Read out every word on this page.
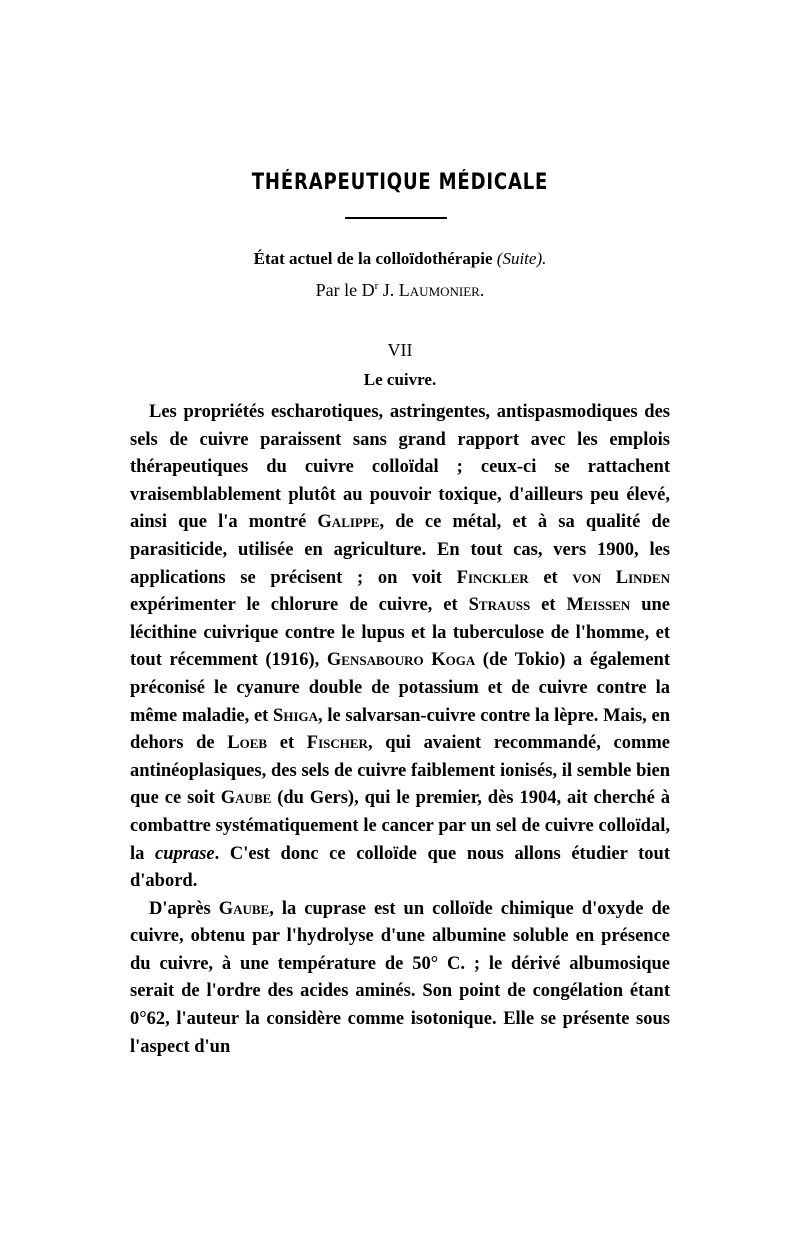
THÉRAPEUTIQUE MÉDICALE
État actuel de la colloïdothérapie (Suite).
Par le $D^r$ J. Laumonier.
VII
Le cuivre.

Les propriétés escharotiques, astringentes, antispasmodiques des sels de cuivre paraissent sans grand rapport avec les emplois thérapeutiques du cuivre colloïdal ; ceux-ci se rattachent vraisemblablement plutôt au pouvoir toxique, d'ailleurs peu élevé, ainsi que l'a montré Galippe, de ce métal, et à sa qualité de parasiticide, utilisée en agriculture. En tout cas, vers 1900, les applications se précisent ; on voit Finckler et von Linden expérimenter le chlorure de cuivre, et Strauss et Meissen une lécithine cuivrique contre le lupus et la tuberculose de l'homme, et tout récemment (1916), Gensabouro Koga (de Tokio) a également préconisé le cyanure double de potassium et de cuivre contre la même maladie, et Shiga, le salvarsan-cuivre contre la lèpre. Mais, en dehors de Loeb et Fischer, qui avaient recommandé, comme antinéoplasiques, des sels de cuivre faiblement ionisés, il semble bien que ce soit Gaube (du Gers), qui le premier, dès 1904, ait cherché à combattre systématiquement le cancer par un sel de cuivre colloïdal, la cuprase. C'est donc ce colloïde que nous allons étudier tout d'abord.

D'après Gaube, la cuprase est un colloïde chimique d'oxyde de cuivre, obtenu par l'hydrolyse d'une albumine soluble en présence du cuivre, à une température de 50° C. ; le dérivé albumosique serait de l'ordre des acides aminés. Son point de congélation étant 0°62, l'auteur la considère comme isotonique. Elle se présente sous l'aspect d'un
